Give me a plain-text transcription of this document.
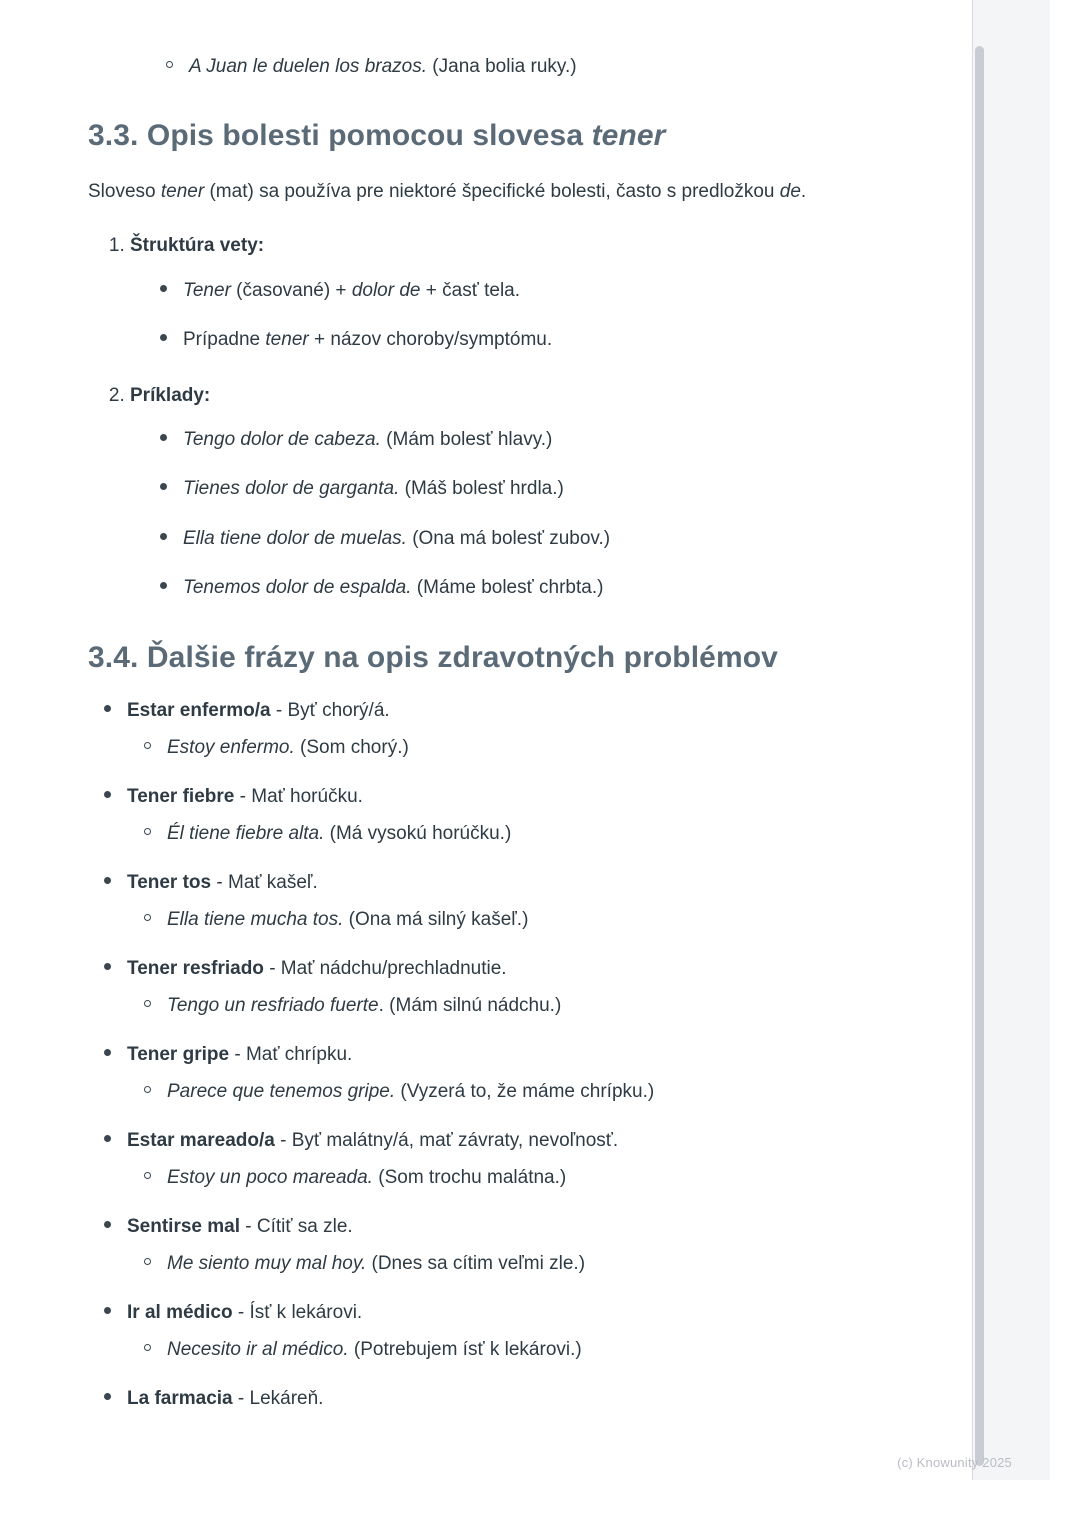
A Juan le duelen los brazos. (Jana bolia ruky.)
3.3. Opis bolesti pomocou slovesa tener

Sloveso tener (mat) sa používa pre niektoré špecifické bolesti, často s predložkou de.

1. Štruktúra vety:
Tener (časované) + dolor de + časť tela.
Prípadne tener + názov choroby/symptómu.
2. Príklady:
Tengo dolor de cabeza. (Mám bolesť hlavy.)
Tienes dolor de garganta. (Máš bolesť hrdla.)
Ella tiene dolor de muelas. (Ona má bolesť zubov.)
Tenemos dolor de espalda. (Máme bolesť chrbta.)
3.4. Ďalšie frázy na opis zdravotných problémov
Estar enfermo/a - Byť chorý/á.
Estoy enfermo. (Som chorý.)
Tener fiebre - Mať horúčku.
Él tiene fiebre alta. (Má vysokú horúčku.)
Tener tos - Mať kašeľ.
Ella tiene mucha tos. (Ona má silný kašeľ.)
Tener resfriado - Mať nádchu/prechladnutie.
Tengo un resfriado fuerte. (Mám silnú nádchu.)
Tener gripe - Mať chrípku.
Parece que tenemos gripe. (Vyzerá to, že máme chrípku.)
Estar mareado/a - Byť malátny/á, mať závraty, nevoľnosť.
Estoy un poco mareada. (Som trochu malátna.)
Sentirse mal - Cítiť sa zle.
Me siento muy mal hoy. (Dnes sa cítim veľmi zle.)
Ir al médico - Ísť k lekárovi.
Necesito ir al médico. (Potrebujem ísť k lekárovi.)
La farmacia - Lekáreň.
(c) Knowunity 2025
